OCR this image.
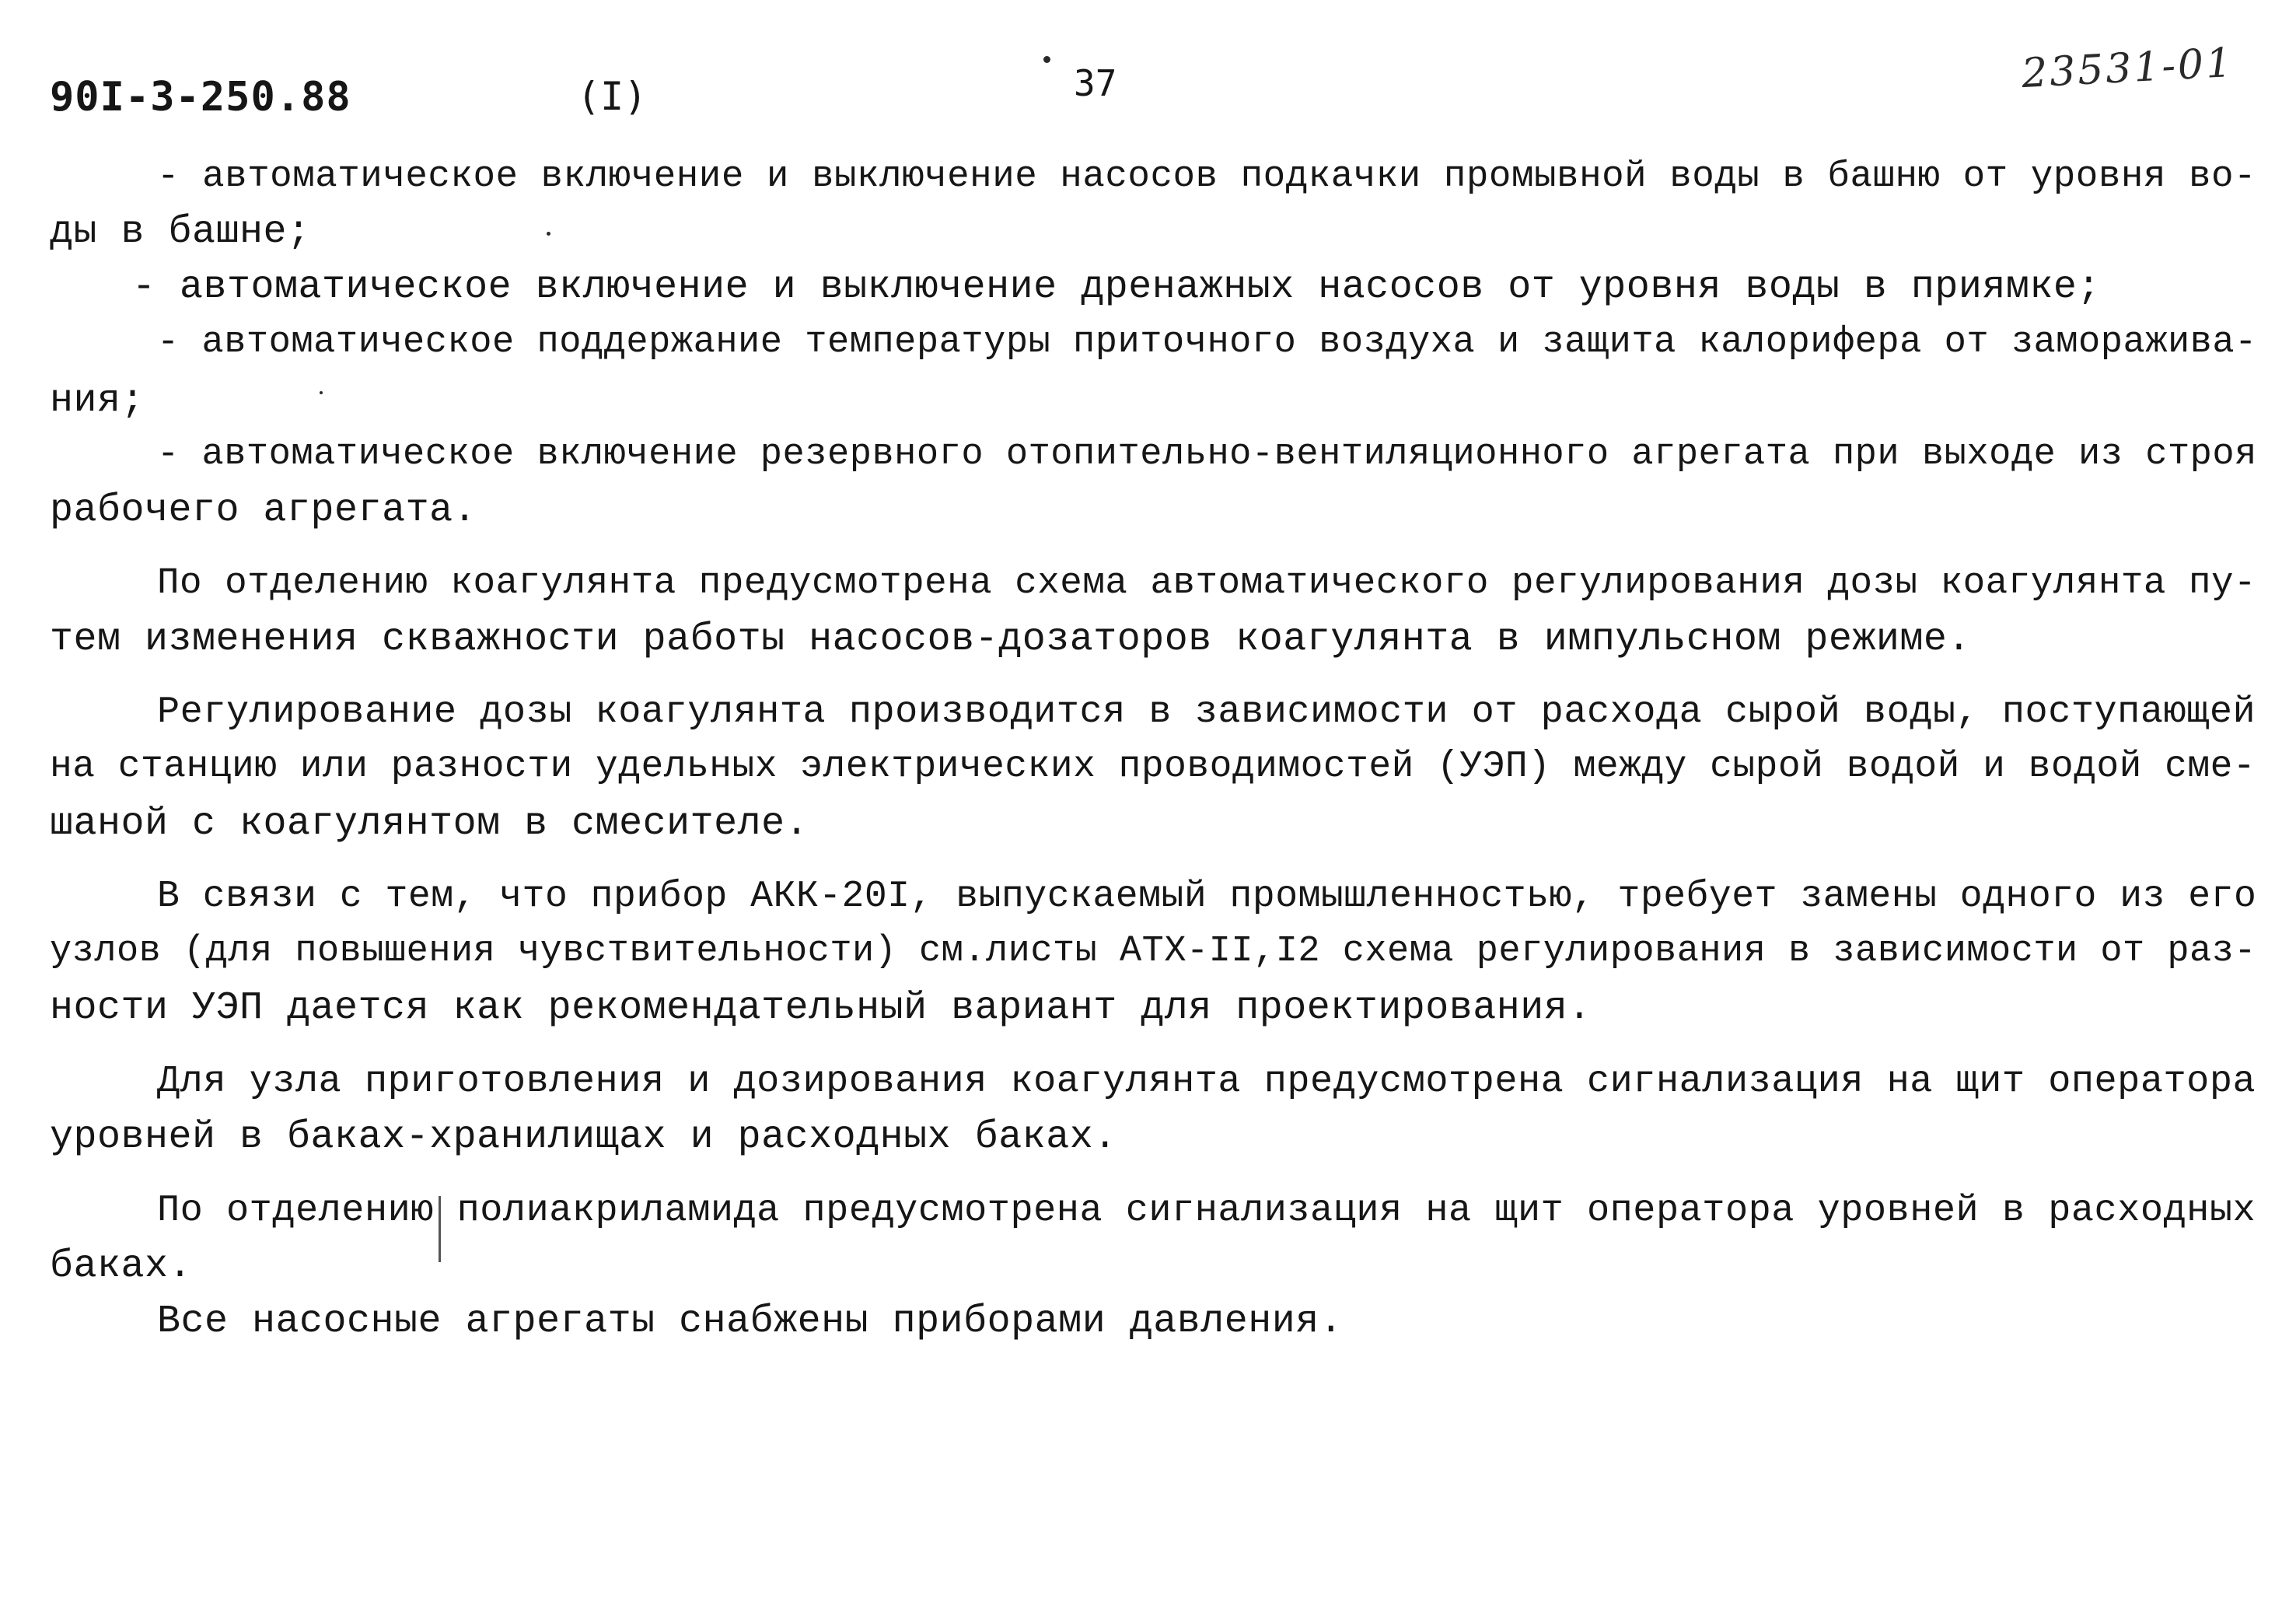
90I-3-250.88	(I)	37	23531-01
- автоматическое включение и выключение насосов подкачки промывной воды в башню от уровня во-
ды в башне;
- автоматическое включение и выключение дренажных насосов от уровня воды в приямке;
- автоматическое поддержание температуры приточного воздуха и защита калорифера от заморажива-
ния;
- автоматическое включение резервного отопительно-вентиляционного агрегата при выходе из строя
рабочего агрегата.
По отделению коагулянта предусмотрена схема автоматического регулирования дозы коагулянта пу-
тем изменения скважности работы насосов-дозаторов коагулянта в импульсном режиме.
Регулирование дозы коагулянта производится в зависимости от расхода сырой воды, поступающей
на станцию или разности удельных электрических проводимостей (УЭП) между сырой водой и водой сме-
шаной с коагулянтом в смесителе.
В связи с тем, что прибор АКК-20I, выпускаемый промышленностью, требует замены одного из его
узлов (для повышения чувствительности) см.листы АТХ-II,I2 схема регулирования в зависимости от раз-
ности УЭП дается как рекомендательный вариант для проектирования.
Для узла приготовления и дозирования коагулянта предусмотрена сигнализация на щит оператора
уровней в баках-хранилищах и расходных баках.
По отделению полиакриламида предусмотрена сигнализация на щит оператора уровней в расходных
баках.
Все насосные агрегаты снабжены приборами давления.
